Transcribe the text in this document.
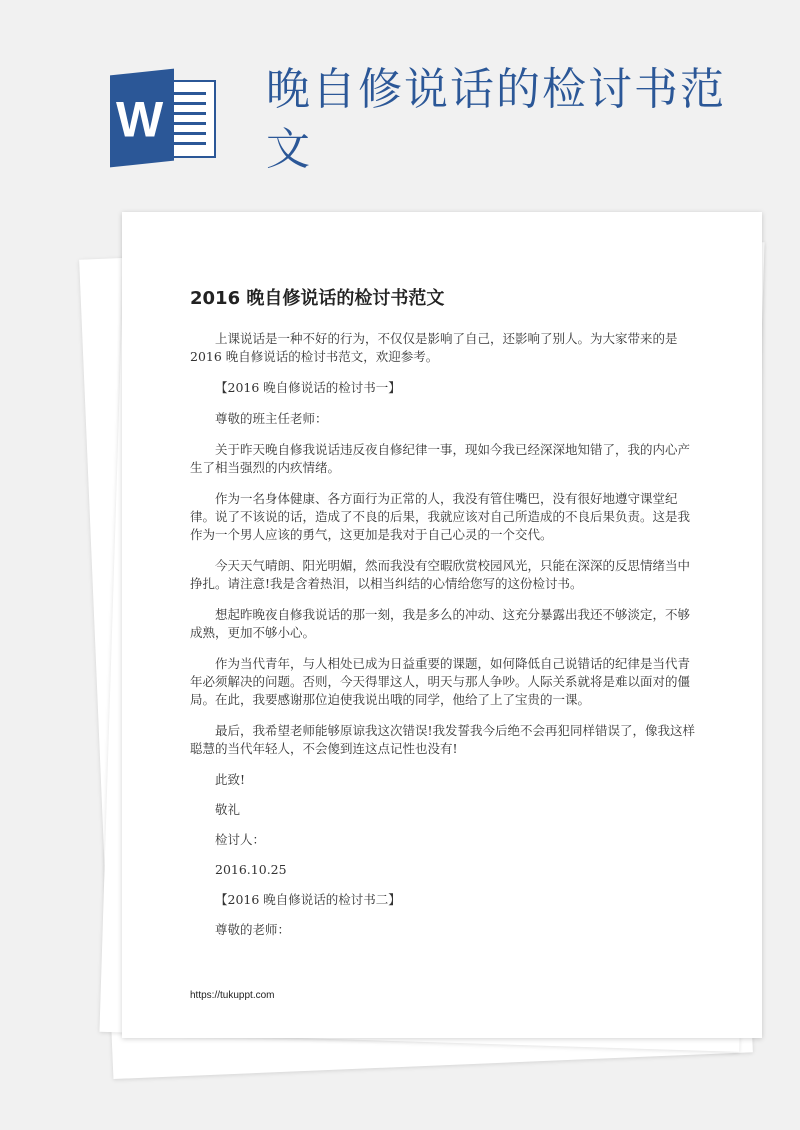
W
晚自修说话的检讨书范文
2016 晚自修说话的检讨书范文

上课说话是一种不好的行为，不仅仅是影响了自己，还影响了别人。为大家带来的是 2016 晚自修说话的检讨书范文，欢迎参考。

【2016 晚自修说话的检讨书一】

尊敬的班主任老师：

关于昨天晚自修我说话违反夜自修纪律一事，现如今我已经深深地知错了，我的内心产生了相当强烈的内疚情绪。

作为一名身体健康、各方面行为正常的人，我没有管住嘴巴，没有很好地遵守课堂纪律。说了不该说的话，造成了不良的后果，我就应该对自己所造成的不良后果负责。这是我作为一个男人应该的勇气，这更加是我对于自己心灵的一个交代。

今天天气晴朗、阳光明媚，然而我没有空暇欣赏校园风光，只能在深深的反思情绪当中挣扎。请注意!我是含着热泪，以相当纠结的心情给您写的这份检讨书。

想起昨晚夜自修我说话的那一刻，我是多么的冲动、这充分暴露出我还不够淡定，不够成熟，更加不够小心。

作为当代青年，与人相处已成为日益重要的课题，如何降低自己说错话的纪律是当代青年必须解决的问题。否则，今天得罪这人，明天与那人争吵。人际关系就将是难以面对的僵局。在此，我要感谢那位迫使我说出哦的同学，他给了上了宝贵的一课。

最后，我希望老师能够原谅我这次错误!我发誓我今后绝不会再犯同样错误了，像我这样聪慧的当代年轻人，不会傻到连这点记性也没有!

此致!

敬礼

检讨人：

2016.10.25

【2016 晚自修说话的检讨书二】

尊敬的老师：

https://tukuppt.com
